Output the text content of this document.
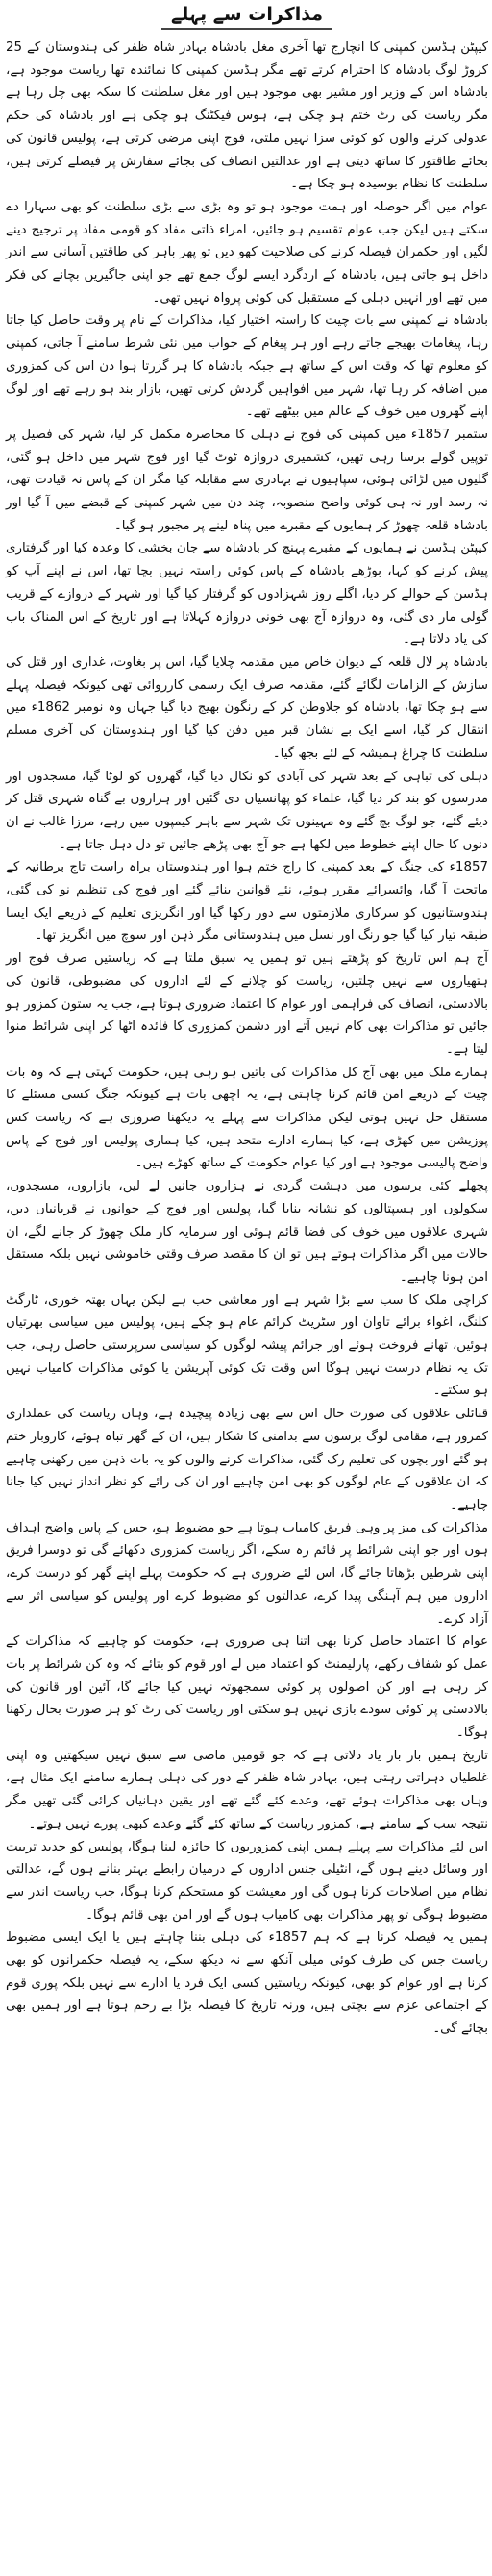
مذاکرات سے پہلے
کیپٹن ہڈسن کمپنی کا انچارج تھا آخری مغل بادشاہ بہادر شاہ ظفر کی ہندوستان کے 25 کروڑ لوگ بادشاہ کا احترام کرتے تھے مگر ہڈسن کمپنی کا نمائندہ تھا ریاست موجود ہے، بادشاہ اس کے وزیر اور مشیر بھی موجود ہیں اور مغل سلطنت کا سکہ بھی چل رہا ہے مگر ریاست کی رٹ ختم ہو چکی ہے، ہوس فیکٹنگ ہو چکی ہے اور بادشاہ کی حکم عدولی کرنے والوں کو کوئی سزا نہیں ملتی، فوج اپنی مرضی کرتی ہے، پولیس قانون کی بجائے طاقتور کا ساتھ دیتی ہے اور عدالتیں انصاف کی بجائے سفارش پر فیصلے کرتی ہیں، سلطنت کا نظام بوسیدہ ہو چکا ہے۔
عوام میں اگر حوصلہ اور ہمت موجود ہو تو وہ بڑی سے بڑی سلطنت کو بھی سہارا دے سکتے ہیں لیکن جب عوام تقسیم ہو جائیں، امراء ذاتی مفاد کو قومی مفاد پر ترجیح دینے لگیں اور حکمران فیصلہ کرنے کی صلاحیت کھو دیں تو پھر باہر کی طاقتیں آسانی سے اندر داخل ہو جاتی ہیں، بادشاہ کے اردگرد ایسے لوگ جمع تھے جو اپنی جاگیریں بچانے کی فکر میں تھے اور انہیں دہلی کے مستقبل کی کوئی پرواہ نہیں تھی۔
بادشاہ نے کمپنی سے بات چیت کا راستہ اختیار کیا، مذاکرات کے نام پر وقت حاصل کیا جاتا رہا، پیغامات بھیجے جاتے رہے اور ہر پیغام کے جواب میں نئی شرط سامنے آ جاتی، کمپنی کو معلوم تھا کہ وقت اس کے ساتھ ہے جبکہ بادشاہ کا ہر گزرتا ہوا دن اس کی کمزوری میں اضافہ کر رہا تھا، شہر میں افواہیں گردش کرتی تھیں، بازار بند ہو رہے تھے اور لوگ اپنے گھروں میں خوف کے عالم میں بیٹھے تھے۔
ستمبر 1857ء میں کمپنی کی فوج نے دہلی کا محاصرہ مکمل کر لیا، شہر کی فصیل پر توپیں گولے برسا رہی تھیں، کشمیری دروازہ ٹوٹ گیا اور فوج شہر میں داخل ہو گئی، گلیوں میں لڑائی ہوئی، سپاہیوں نے بہادری سے مقابلہ کیا مگر ان کے پاس نہ قیادت تھی، نہ رسد اور نہ ہی کوئی واضح منصوبہ، چند دن میں شہر کمپنی کے قبضے میں آ گیا اور بادشاہ قلعہ چھوڑ کر ہمایوں کے مقبرے میں پناہ لینے پر مجبور ہو گیا۔
کیپٹن ہڈسن نے ہمایوں کے مقبرے پہنچ کر بادشاہ سے جان بخشی کا وعدہ کیا اور گرفتاری پیش کرنے کو کہا، بوڑھے بادشاہ کے پاس کوئی راستہ نہیں بچا تھا، اس نے اپنے آپ کو ہڈسن کے حوالے کر دیا، اگلے روز شہزادوں کو گرفتار کیا گیا اور شہر کے دروازے کے قریب گولی مار دی گئی، وہ دروازہ آج بھی خونی دروازہ کہلاتا ہے اور تاریخ کے اس المناک باب کی یاد دلاتا ہے۔
بادشاہ پر لال قلعہ کے دیوان خاص میں مقدمہ چلایا گیا، اس پر بغاوت، غداری اور قتل کی سازش کے الزامات لگائے گئے، مقدمہ صرف ایک رسمی کارروائی تھی کیونکہ فیصلہ پہلے سے ہو چکا تھا، بادشاہ کو جلاوطن کر کے رنگون بھیج دیا گیا جہاں وہ نومبر 1862ء میں انتقال کر گیا، اسے ایک بے نشان قبر میں دفن کیا گیا اور ہندوستان کی آخری مسلم سلطنت کا چراغ ہمیشہ کے لئے بجھ گیا۔
دہلی کی تباہی کے بعد شہر کی آبادی کو نکال دیا گیا، گھروں کو لوٹا گیا، مسجدوں اور مدرسوں کو بند کر دیا گیا، علماء کو پھانسیاں دی گئیں اور ہزاروں بے گناہ شہری قتل کر دیئے گئے، جو لوگ بچ گئے وہ مہینوں تک شہر سے باہر کیمپوں میں رہے، مرزا غالب نے ان دنوں کا حال اپنے خطوط میں لکھا ہے جو آج بھی پڑھے جائیں تو دل دہل جاتا ہے۔
1857ء کی جنگ کے بعد کمپنی کا راج ختم ہوا اور ہندوستان براہ راست تاج برطانیہ کے ماتحت آ گیا، وائسرائے مقرر ہوئے، نئے قوانین بنائے گئے اور فوج کی تنظیم نو کی گئی، ہندوستانیوں کو سرکاری ملازمتوں سے دور رکھا گیا اور انگریزی تعلیم کے ذریعے ایک ایسا طبقہ تیار کیا گیا جو رنگ اور نسل میں ہندوستانی مگر ذہن اور سوچ میں انگریز تھا۔
آج ہم اس تاریخ کو پڑھتے ہیں تو ہمیں یہ سبق ملتا ہے کہ ریاستیں صرف فوج اور ہتھیاروں سے نہیں چلتیں، ریاست کو چلانے کے لئے اداروں کی مضبوطی، قانون کی بالادستی، انصاف کی فراہمی اور عوام کا اعتماد ضروری ہوتا ہے، جب یہ ستون کمزور ہو جائیں تو مذاکرات بھی کام نہیں آتے اور دشمن کمزوری کا فائدہ اٹھا کر اپنی شرائط منوا لیتا ہے۔
ہمارے ملک میں بھی آج کل مذاکرات کی باتیں ہو رہی ہیں، حکومت کہتی ہے کہ وہ بات چیت کے ذریعے امن قائم کرنا چاہتی ہے، یہ اچھی بات ہے کیونکہ جنگ کسی مسئلے کا مستقل حل نہیں ہوتی لیکن مذاکرات سے پہلے یہ دیکھنا ضروری ہے کہ ریاست کس پوزیشن میں کھڑی ہے، کیا ہمارے ادارے متحد ہیں، کیا ہماری پولیس اور فوج کے پاس واضح پالیسی موجود ہے اور کیا عوام حکومت کے ساتھ کھڑے ہیں۔
پچھلے کئی برسوں میں دہشت گردی نے ہزاروں جانیں لے لیں، بازاروں، مسجدوں، سکولوں اور ہسپتالوں کو نشانہ بنایا گیا، پولیس اور فوج کے جوانوں نے قربانیاں دیں، شہری علاقوں میں خوف کی فضا قائم ہوئی اور سرمایہ کار ملک چھوڑ کر جانے لگے، ان حالات میں اگر مذاکرات ہوتے ہیں تو ان کا مقصد صرف وقتی خاموشی نہیں بلکہ مستقل امن ہونا چاہیے۔
کراچی ملک کا سب سے بڑا شہر ہے اور معاشی حب ہے لیکن یہاں بھتہ خوری، ٹارگٹ کلنگ، اغواء برائے تاوان اور سٹریٹ کرائم عام ہو چکے ہیں، پولیس میں سیاسی بھرتیاں ہوئیں، تھانے فروخت ہوئے اور جرائم پیشہ لوگوں کو سیاسی سرپرستی حاصل رہی، جب تک یہ نظام درست نہیں ہوگا اس وقت تک کوئی آپریشن یا کوئی مذاکرات کامیاب نہیں ہو سکتے۔
قبائلی علاقوں کی صورت حال اس سے بھی زیادہ پیچیدہ ہے، وہاں ریاست کی عملداری کمزور ہے، مقامی لوگ برسوں سے بدامنی کا شکار ہیں، ان کے گھر تباہ ہوئے، کاروبار ختم ہو گئے اور بچوں کی تعلیم رک گئی، مذاکرات کرنے والوں کو یہ بات ذہن میں رکھنی چاہیے کہ ان علاقوں کے عام لوگوں کو بھی امن چاہیے اور ان کی رائے کو نظر انداز نہیں کیا جانا چاہیے۔
مذاکرات کی میز پر وہی فریق کامیاب ہوتا ہے جو مضبوط ہو، جس کے پاس واضح اہداف ہوں اور جو اپنی شرائط پر قائم رہ سکے، اگر ریاست کمزوری دکھائے گی تو دوسرا فریق اپنی شرطیں بڑھاتا جائے گا، اس لئے ضروری ہے کہ حکومت پہلے اپنے گھر کو درست کرے، اداروں میں ہم آہنگی پیدا کرے، عدالتوں کو مضبوط کرے اور پولیس کو سیاسی اثر سے آزاد کرے۔
عوام کا اعتماد حاصل کرنا بھی اتنا ہی ضروری ہے، حکومت کو چاہیے کہ مذاکرات کے عمل کو شفاف رکھے، پارلیمنٹ کو اعتماد میں لے اور قوم کو بتائے کہ وہ کن شرائط پر بات کر رہی ہے اور کن اصولوں پر کوئی سمجھوتہ نہیں کیا جائے گا، آئین اور قانون کی بالادستی پر کوئی سودے بازی نہیں ہو سکتی اور ریاست کی رٹ کو ہر صورت بحال رکھنا ہوگا۔
تاریخ ہمیں بار بار یاد دلاتی ہے کہ جو قومیں ماضی سے سبق نہیں سیکھتیں وہ اپنی غلطیاں دہراتی رہتی ہیں، بہادر شاہ ظفر کے دور کی دہلی ہمارے سامنے ایک مثال ہے، وہاں بھی مذاکرات ہوئے تھے، وعدے کئے گئے تھے اور یقین دہانیاں کرائی گئی تھیں مگر نتیجہ سب کے سامنے ہے، کمزور ریاست کے ساتھ کئے گئے وعدے کبھی پورے نہیں ہوتے۔
اس لئے مذاکرات سے پہلے ہمیں اپنی کمزوریوں کا جائزہ لینا ہوگا، پولیس کو جدید تربیت اور وسائل دینے ہوں گے، انٹیلی جنس اداروں کے درمیان رابطے بہتر بنانے ہوں گے، عدالتی نظام میں اصلاحات کرنا ہوں گی اور معیشت کو مستحکم کرنا ہوگا، جب ریاست اندر سے مضبوط ہوگی تو پھر مذاکرات بھی کامیاب ہوں گے اور امن بھی قائم ہوگا۔
ہمیں یہ فیصلہ کرنا ہے کہ ہم 1857ء کی دہلی بننا چاہتے ہیں یا ایک ایسی مضبوط ریاست جس کی طرف کوئی میلی آنکھ سے نہ دیکھ سکے، یہ فیصلہ حکمرانوں کو بھی کرنا ہے اور عوام کو بھی، کیونکہ ریاستیں کسی ایک فرد یا ادارے سے نہیں بلکہ پوری قوم کے اجتماعی عزم سے بچتی ہیں، ورنہ تاریخ کا فیصلہ بڑا بے رحم ہوتا ہے اور ہمیں بھی بچائے گی۔
